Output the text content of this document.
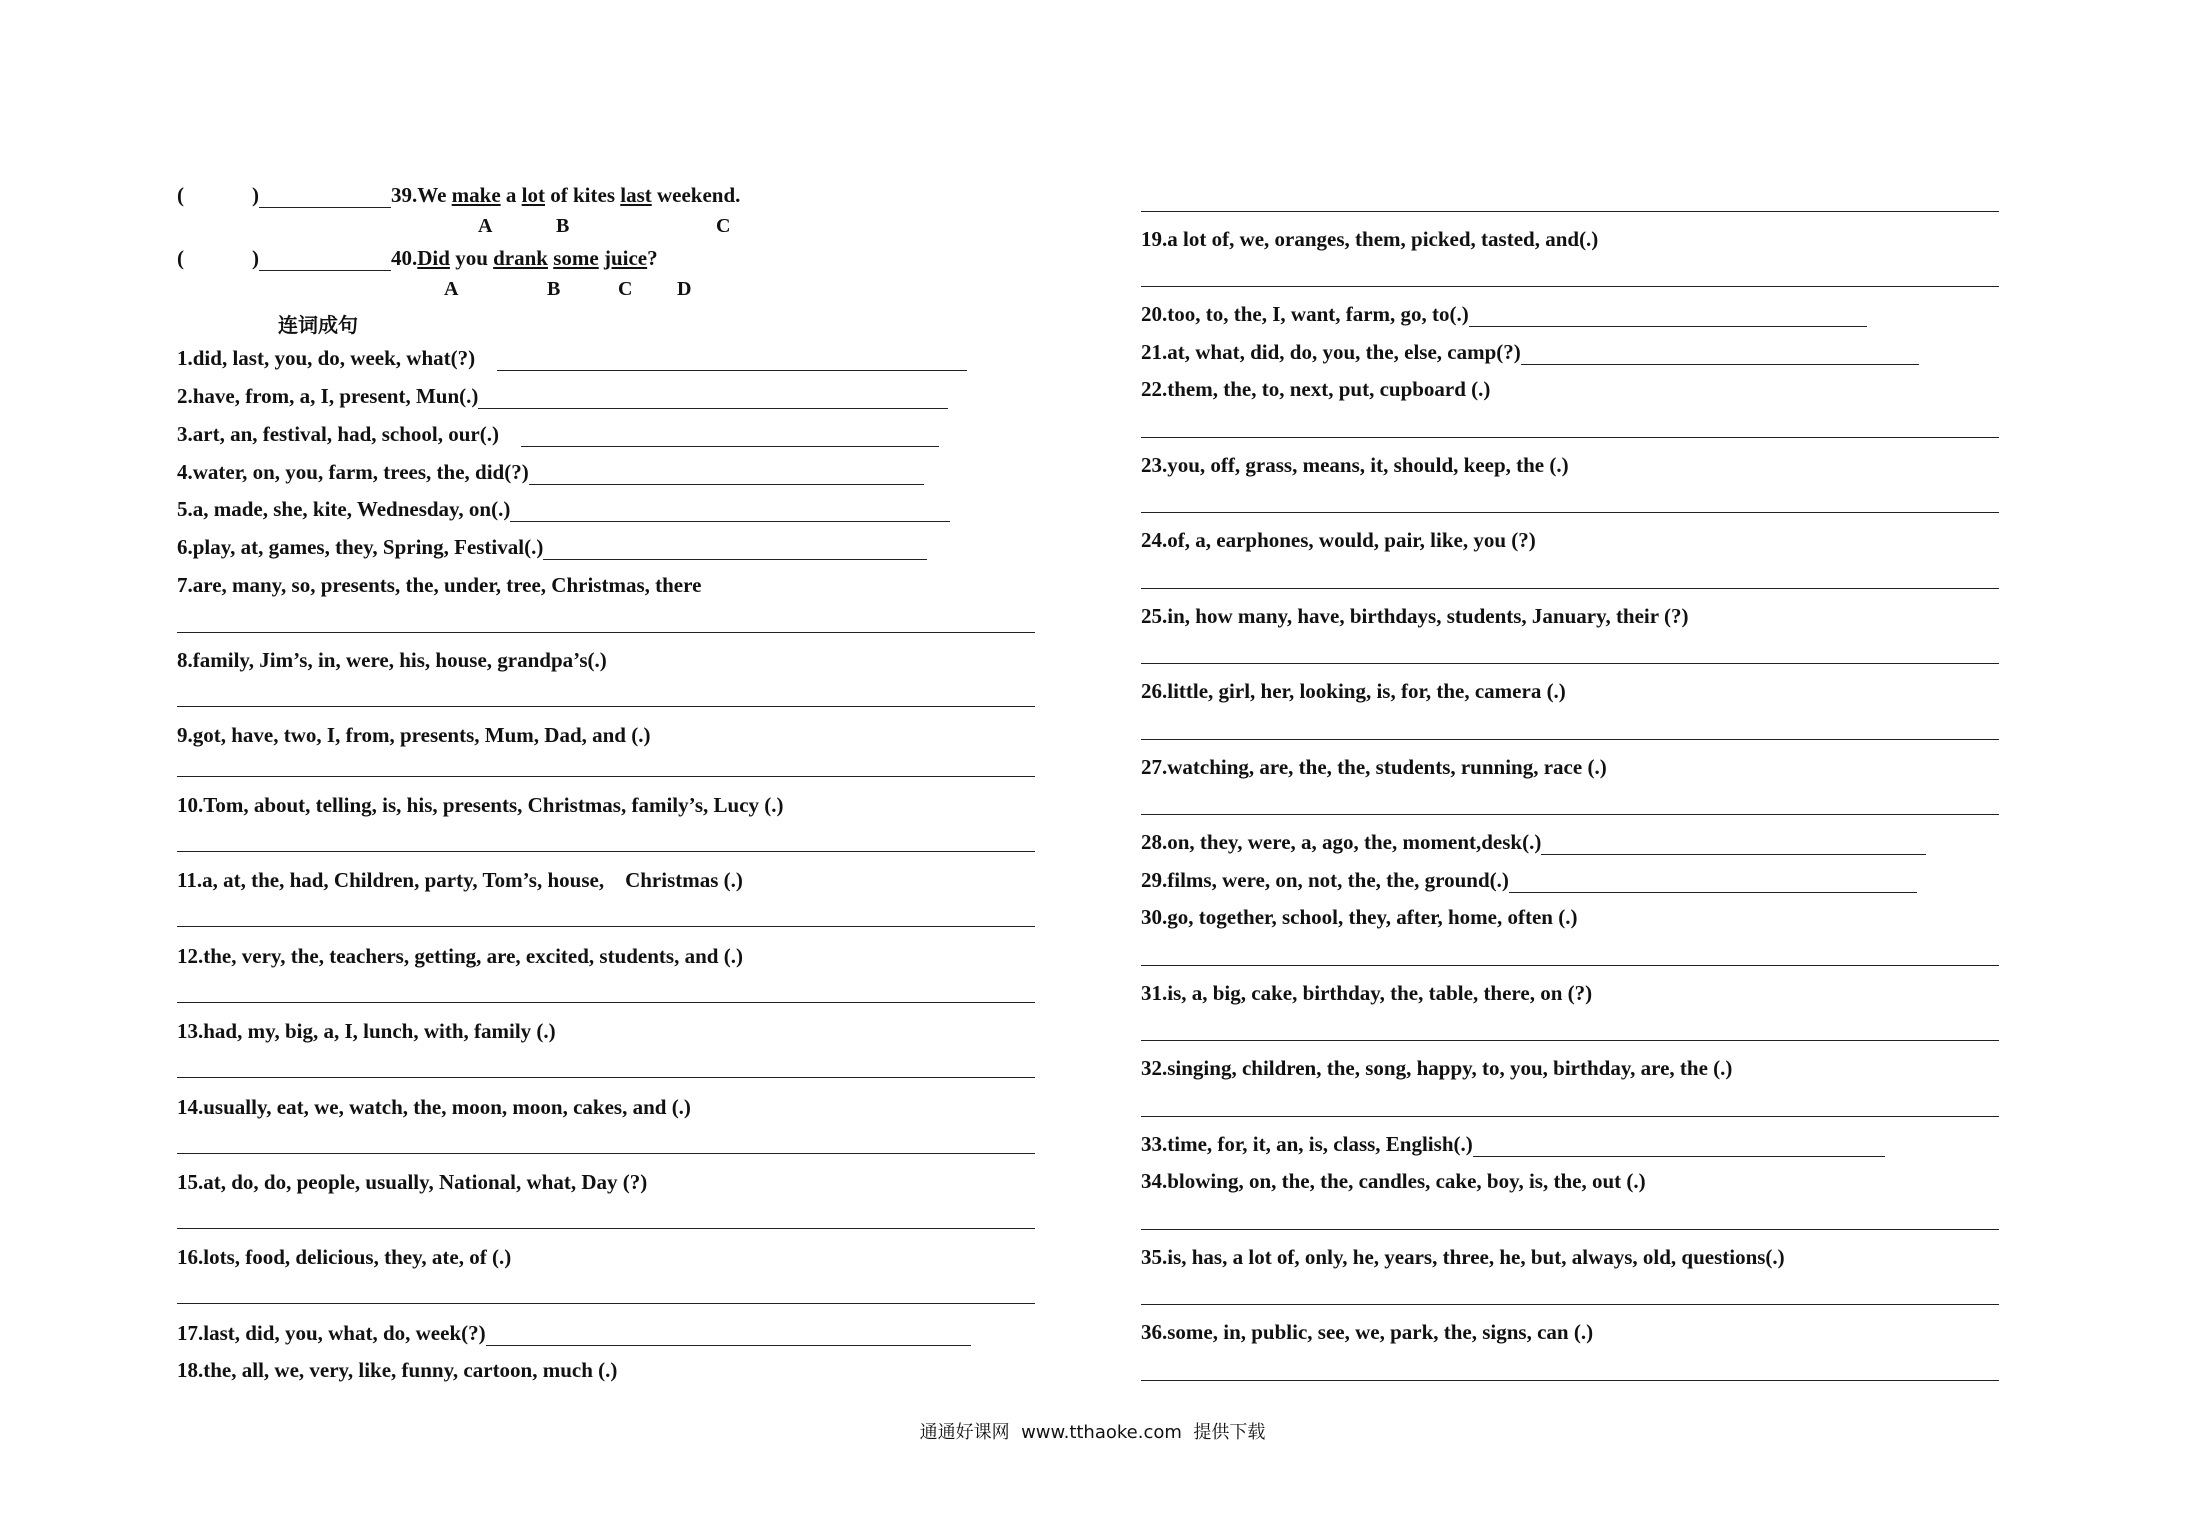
(	)	39.We make a lot of kites last weekend.
A	B	C
(	)	40.Did you drank some juice?
A	B	C D
连词成句
1.did, last, you, do, week, what(?)
2.have, from, a, I, present, Mun(.)
3.art, an, festival, had, school, our(.)
4.water, on, you, farm, trees, the, did(?)
5.a, made, she, kite, Wednesday, on(.)
6.play, at, games, they, Spring, Festival(.)
7.are, many, so, presents, the, under, tree, Christmas, there
8.family, Jim’s, in, were, his, house, grandpa’s(.)
9.got, have, two, I, from, presents, Mum, Dad, and (.)
10.Tom, about, telling, is, his, presents, Christmas, family’s, Lucy (.)
11.a, at, the, had, Children, party, Tom’s, house,    Christmas (.)
12.the, very, the, teachers, getting, are, excited, students, and (.)
13.had, my, big, a, I, lunch, with, family (.)
14.usually, eat, we, watch, the, moon, moon, cakes, and (.)
15.at, do, do, people, usually, National, what, Day (?)
16.lots, food, delicious, they, ate, of (.)
17.last, did, you, what, do, week(?)
18.the, all, we, very, like, funny, cartoon, much (.)
19.a lot of, we, oranges, them, picked, tasted, and(.)
20.too, to, the, I, want, farm, go, to(.)
21.at, what, did, do, you, the, else, camp(?)
22.them, the, to, next, put, cupboard (.)
23.you, off, grass, means, it, should, keep, the (.)
24.of, a, earphones, would, pair, like, you (?)
25.in, how many, have, birthdays, students, January, their (?)
26.little, girl, her, looking, is, for, the, camera (.)
27.watching, are, the, the, students, running, race (.)
28.on, they, were, a, ago, the, moment,desk(.)
29.films, were, on, not, the, the, ground(.)
30.go, together, school, they, after, home, often (.)
31.is, a, big, cake, birthday, the, table, there, on (?)
32.singing, children, the, song, happy, to, you, birthday, are, the (.)
33.time, for, it, an, is, class, English(.)
34.blowing, on, the, the, candles, cake, boy, is, the, out (.)
35.is, has, a lot of, only, he, years, three, he, but, always, old, questions(.)
36.some, in, public, see, we, park, the, signs, can (.)
通通好课网  www.tthaoke.com  提供下载
